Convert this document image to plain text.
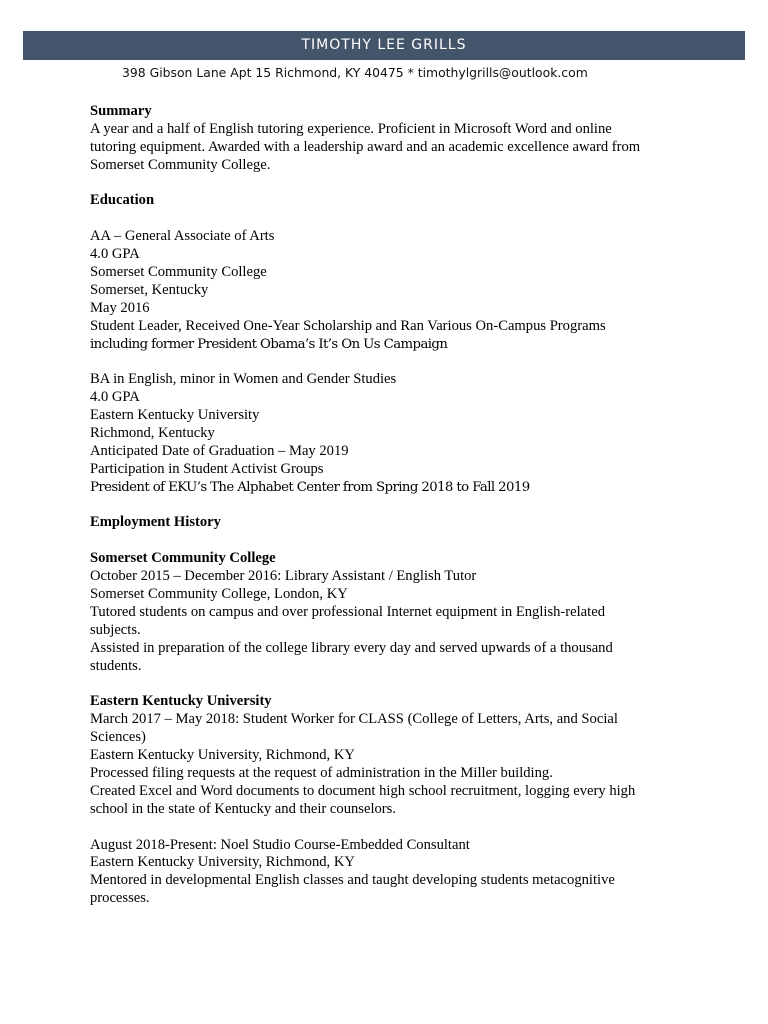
TIMOTHY LEE GRILLS
398 Gibson Lane Apt 15 Richmond, KY 40475 * timothylgrills@outlook.com
Summary
A year and a half of English tutoring experience. Proficient in Microsoft Word and online
tutoring equipment. Awarded with a leadership award and an academic excellence award from
Somerset Community College.
Education
AA – General Associate of Arts
4.0 GPA
Somerset Community College
Somerset, Kentucky
May 2016
Student Leader, Received One-Year Scholarship and Ran Various On-Campus Programs
including former President Obama’s It’s On Us Campaign
BA in English, minor in Women and Gender Studies
4.0 GPA
Eastern Kentucky University
Richmond, Kentucky
Anticipated Date of Graduation – May 2019
Participation in Student Activist Groups
President of EKU’s The Alphabet Center from Spring 2018 to Fall 2019
Employment History
Somerset Community College
October 2015 – December 2016: Library Assistant / English Tutor
Somerset Community College, London, KY
Tutored students on campus and over professional Internet equipment in English-related
subjects.
Assisted in preparation of the college library every day and served upwards of a thousand
students.
Eastern Kentucky University
March 2017 – May 2018: Student Worker for CLASS (College of Letters, Arts, and Social
Sciences)
Eastern Kentucky University, Richmond, KY
Processed filing requests at the request of administration in the Miller building.
Created Excel and Word documents to document high school recruitment, logging every high
school in the state of Kentucky and their counselors.
August 2018-Present: Noel Studio Course-Embedded Consultant
Eastern Kentucky University, Richmond, KY
Mentored in developmental English classes and taught developing students metacognitive
processes.
